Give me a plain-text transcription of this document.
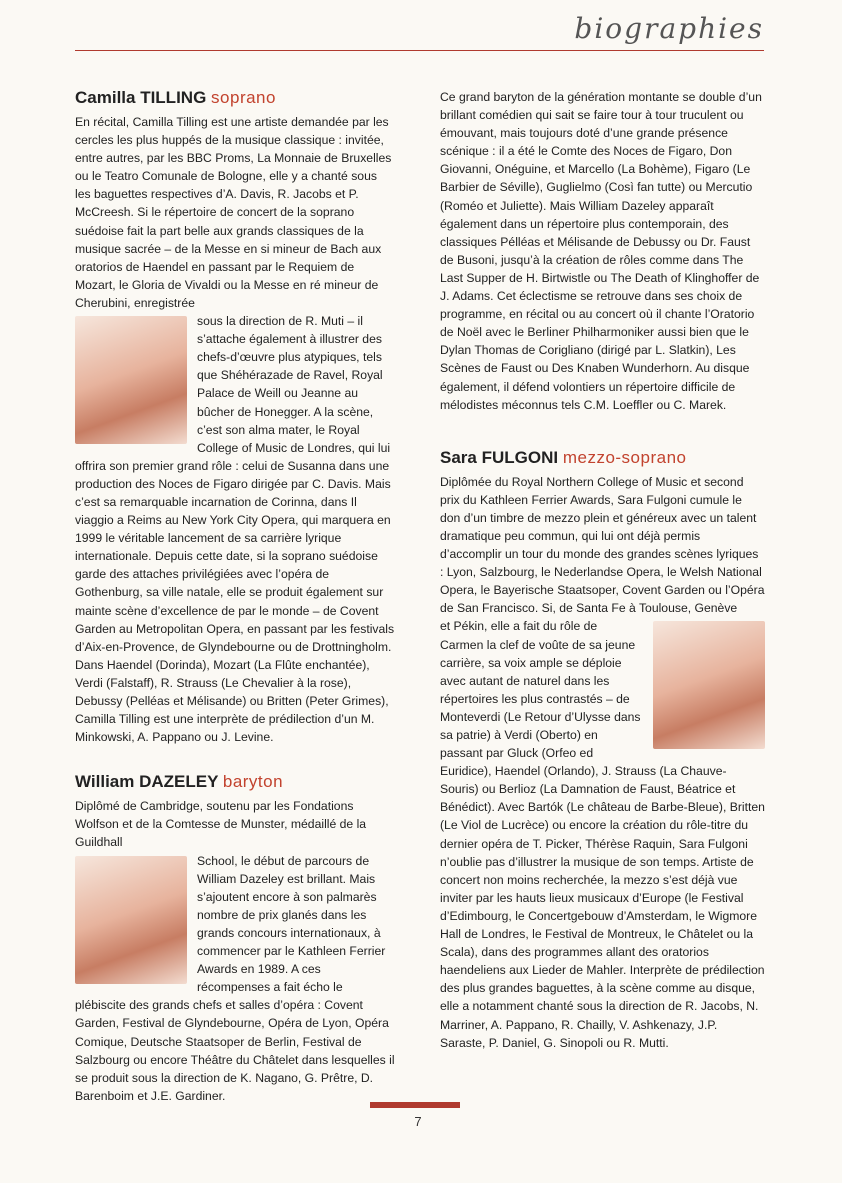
biographies
Camilla TILLING soprano

En récital, Camilla Tilling est une artiste demandée par les cercles les plus huppés de la musique classique : invitée, entre autres, par les BBC Proms, La Monnaie de Bruxelles ou le Teatro Comunale de Bologne, elle y a chanté sous les baguettes respectives d’A. Davis, R. Jacobs et P. McCreesh. Si le répertoire de concert de la soprano suédoise fait la part belle aux grands classiques de la musique sacrée – de la Messe en si mineur de Bach aux oratorios de Haendel en passant par le Requiem de Mozart, le Gloria de Vivaldi ou la Messe en ré mineur de Cherubini, enregistrée

sous la direction de R. Muti – il s’attache également à illustrer des chefs-d’œuvre plus atypiques, tels que Shéhérazade de Ravel, Royal Palace de Weill ou Jeanne au bûcher de Honegger. A la scène, c’est son alma mater, le Royal College of Music de Londres, qui lui offrira son premier grand rôle : celui de Susanna dans une production des Noces de Figaro dirigée par C. Davis. Mais c’est sa remarquable incarnation de Corinna, dans Il viaggio a Reims au New York City Opera, qui marquera en 1999 le véritable lancement de sa carrière lyrique internationale. Depuis cette date, si la soprano suédoise garde des attaches privilégiées avec l’opéra de Gothenburg, sa ville natale, elle se produit également sur mainte scène d’excellence de par le monde – de Covent Garden au Metropolitan Opera, en passant par les festivals d’Aix-en-Provence, de Glyndebourne ou de Drottningholm. Dans Haendel (Dorinda), Mozart (La Flûte enchantée), Verdi (Falstaff), R. Strauss (Le Chevalier à la rose), Debussy (Pelléas et Mélisande) ou Britten (Peter Grimes), Camilla Tilling est une interprète de prédilection d’un M. Minkowski, A. Pappano ou J. Levine.

William DAZELEY baryton

Diplômé de Cambridge, soutenu par les Fondations Wolfson et de la Comtesse de Munster, médaillé de la Guildhall

School, le début de parcours de William Dazeley est brillant. Mais s’ajoutent encore à son palmarès nombre de prix glanés dans les grands concours internationaux, à commencer par le Kathleen Ferrier Awards en 1989. A ces récompenses a fait écho le plébiscite des grands chefs et salles d’opéra : Covent Garden, Festival de Glyndebourne, Opéra de Lyon, Opéra Comique, Deutsche Staatsoper de Berlin, Festival de Salzbourg ou encore Théâtre du Châtelet dans lesquelles il se produit sous la direction de K. Nagano, G. Prêtre, D. Barenboim et J.E. Gardiner.

Ce grand baryton de la génération montante se double d’un brillant comédien qui sait se faire tour à tour truculent ou émouvant, mais toujours doté d’une grande présence scénique : il a été le Comte des Noces de Figaro, Don Giovanni, Onéguine, et Marcello (La Bohème), Figaro (Le Barbier de Séville), Guglielmo (Così fan tutte) ou Mercutio (Roméo et Juliette). Mais William Dazeley apparaît également dans un répertoire plus contemporain, des classiques Pélléas et Mélisande de Debussy ou Dr. Faust de Busoni, jusqu’à la création de rôles comme dans The Last Supper de H. Birtwistle ou The Death of Klinghoffer de J. Adams. Cet éclectisme se retrouve dans ses choix de programme, en récital ou au concert où il chante l’Oratorio de Noël avec le Berliner Philharmoniker aussi bien que le Dylan Thomas de Corigliano (dirigé par L. Slatkin), Les Scènes de Faust ou Des Knaben Wunderhorn. Au disque également, il défend volontiers un répertoire difficile de mélodistes méconnus tels C.M. Loeffler ou C. Marek.

Sara FULGONI mezzo-soprano

Diplômée du Royal Northern College of Music et second prix du Kathleen Ferrier Awards, Sara Fulgoni cumule le don d’un timbre de mezzo plein et généreux avec un talent dramatique peu commun, qui lui ont déjà permis d’accomplir un tour du monde des grandes scènes lyriques : Lyon, Salzbourg, le Nederlandse Opera, le Welsh National Opera, le Bayerische Staatsoper, Covent Garden ou l’Opéra de San Francisco. Si, de Santa Fe à Toulouse, Genève

et Pékin, elle a fait du rôle de Carmen la clef de voûte de sa jeune carrière, sa voix ample se déploie avec autant de naturel dans les répertoires les plus contrastés – de Monteverdi (Le Retour d’Ulysse dans sa patrie) à Verdi (Oberto) en passant par Gluck (Orfeo ed Euridice), Haendel (Orlando), J. Strauss (La Chauve-Souris) ou Berlioz (La Damnation de Faust, Béatrice et Bénédict). Avec Bartók (Le château de Barbe-Bleue), Britten (Le Viol de Lucrèce) ou encore la création du rôle-titre du dernier opéra de T. Picker, Thérèse Raquin, Sara Fulgoni n’oublie pas d’illustrer la musique de son temps. Artiste de concert non moins recherchée, la mezzo s’est déjà vue inviter par les hauts lieux musicaux d’Europe (le Festival d’Edimbourg, le Concertgebouw d’Amsterdam, le Wigmore Hall de Londres, le Festival de Montreux, le Châtelet ou la Scala), dans des programmes allant des oratorios haendeliens aux Lieder de Mahler. Interprète de prédilection des plus grandes baguettes, à la scène comme au disque, elle a notamment chanté sous la direction de R. Jacobs, N. Marriner, A. Pappano, R. Chailly, V. Ashkenazy, J.P. Saraste, P. Daniel, G. Sinopoli ou R. Mutti.

7
